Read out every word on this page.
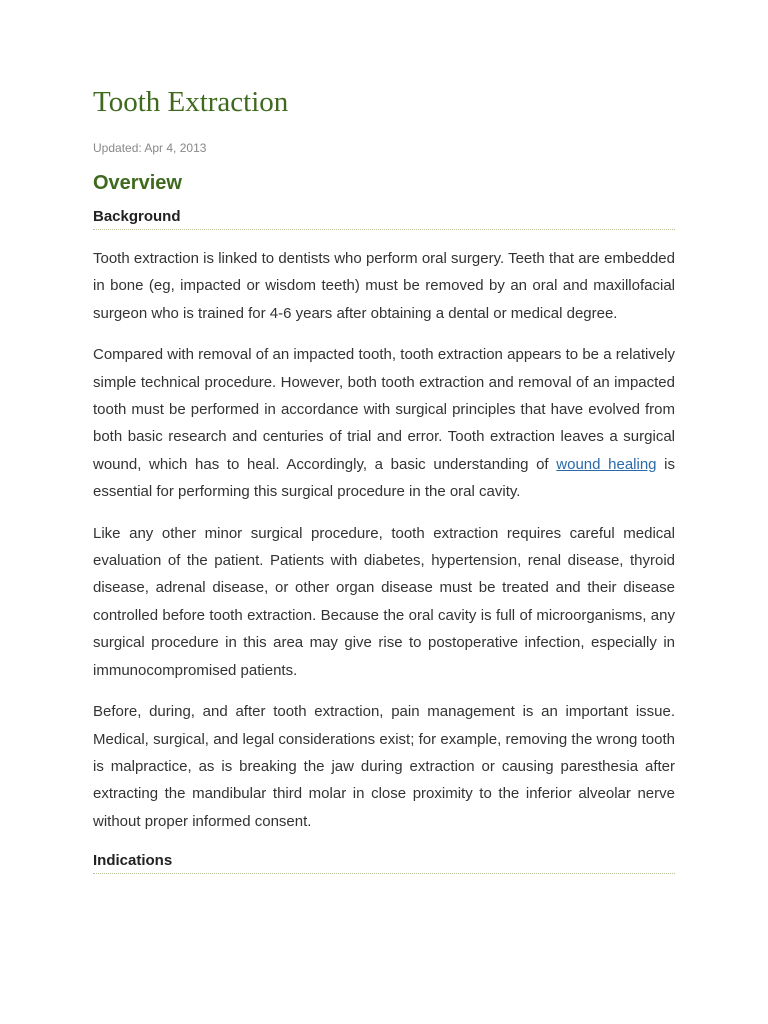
Tooth Extraction
Updated: Apr 4, 2013
Overview
Background

Tooth extraction is linked to dentists who perform oral surgery. Teeth that are embedded in bone (eg, impacted or wisdom teeth) must be removed by an oral and maxillofacial surgeon who is trained for 4-6 years after obtaining a dental or medical degree.

Compared with removal of an impacted tooth, tooth extraction appears to be a relatively simple technical procedure. However, both tooth extraction and removal of an impacted tooth must be performed in accordance with surgical principles that have evolved from both basic research and centuries of trial and error. Tooth extraction leaves a surgical wound, which has to heal. Accordingly, a basic understanding of wound healing is essential for performing this surgical procedure in the oral cavity.

Like any other minor surgical procedure, tooth extraction requires careful medical evaluation of the patient. Patients with diabetes, hypertension, renal disease, thyroid disease, adrenal disease, or other organ disease must be treated and their disease controlled before tooth extraction. Because the oral cavity is full of microorganisms, any surgical procedure in this area may give rise to postoperative infection, especially in immunocompromised patients.

Before, during, and after tooth extraction, pain management is an important issue. Medical, surgical, and legal considerations exist; for example, removing the wrong tooth is malpractice, as is breaking the jaw during extraction or causing paresthesia after extracting the mandibular third molar in close proximity to the inferior alveolar nerve without proper informed consent.

Indications
